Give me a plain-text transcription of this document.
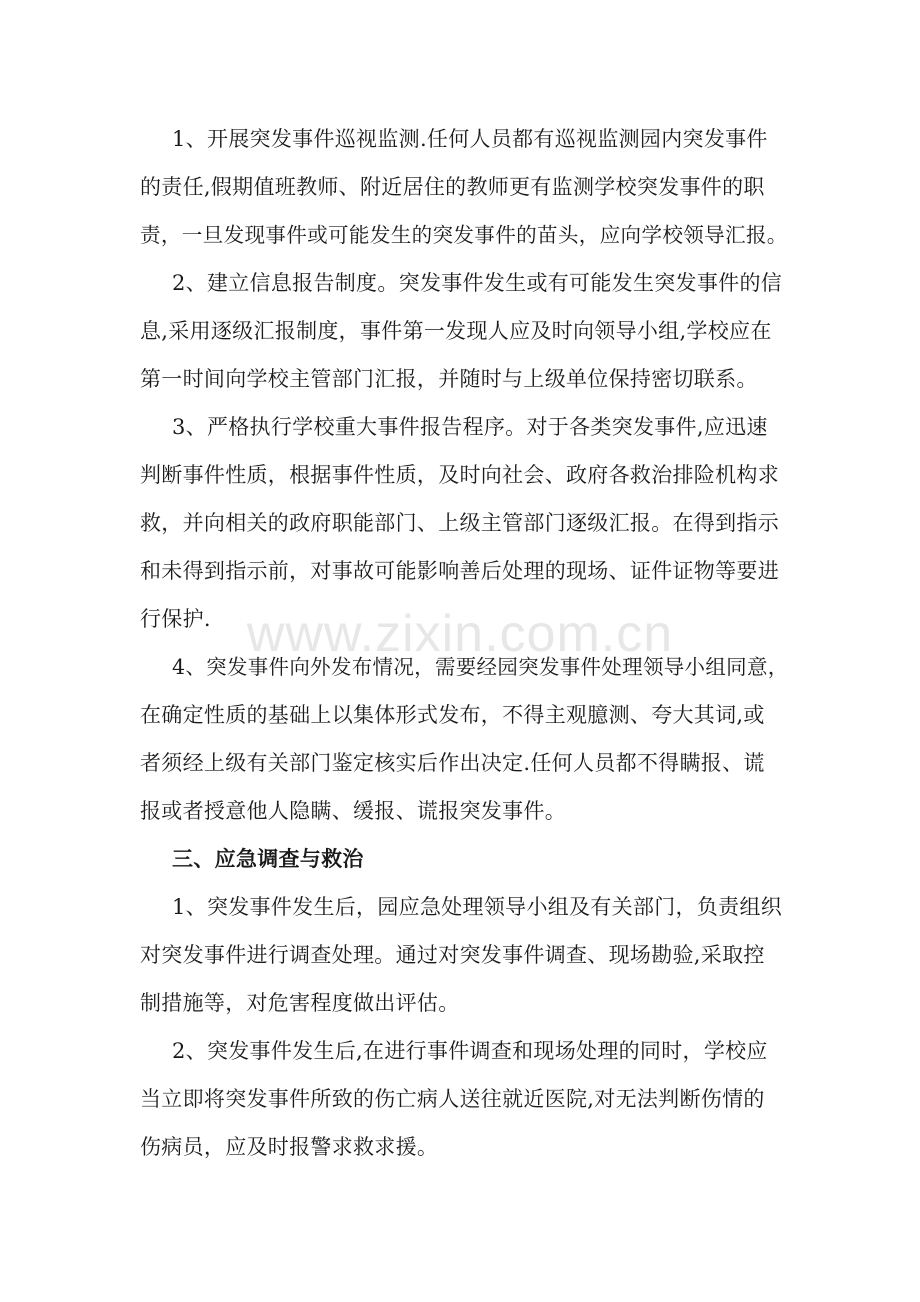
1、开展突发事件巡视监测.任何人员都有巡视监测园内突发事件
的责任,假期值班教师、附近居住的教师更有监测学校突发事件的职
责，一旦发现事件或可能发生的突发事件的苗头，应向学校领导汇报。
2、建立信息报告制度。突发事件发生或有可能发生突发事件的信
息,采用逐级汇报制度，事件第一发现人应及时向领导小组,学校应在
第一时间向学校主管部门汇报，并随时与上级单位保持密切联系。
3、严格执行学校重大事件报告程序。对于各类突发事件,应迅速
判断事件性质，根据事件性质，及时向社会、政府各救治排险机构求
救，并向相关的政府职能部门、上级主管部门逐级汇报。在得到指示
和未得到指示前，对事故可能影响善后处理的现场、证件证物等要进
行保护.
4、突发事件向外发布情况，需要经园突发事件处理领导小组同意，
在确定性质的基础上以集体形式发布，不得主观臆测、夸大其词,或
者须经上级有关部门鉴定核实后作出决定.任何人员都不得瞒报、谎
报或者授意他人隐瞒、缓报、谎报突发事件。
三、应急调查与救治
1、突发事件发生后，园应急处理领导小组及有关部门，负责组织
对突发事件进行调查处理。通过对突发事件调查、现场勘验,采取控
制措施等，对危害程度做出评估。
2、突发事件发生后,在进行事件调查和现场处理的同时，学校应
当立即将突发事件所致的伤亡病人送往就近医院,对无法判断伤情的
伤病员，应及时报警求救求援。
www.zixin.com.cn
